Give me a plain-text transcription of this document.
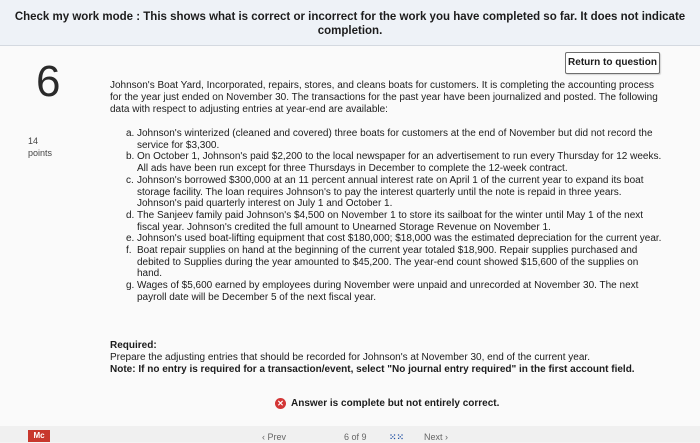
Check my work mode : This shows what is correct or incorrect for the work you have completed so far. It does not indicate
completion.
6
14
points
Return to question
Johnson's Boat Yard, Incorporated, repairs, stores, and cleans boats for customers. It is completing the accounting process for the year just ended on November 30. The transactions for the past year have been journalized and posted. The following data with respect to adjusting entries at year-end are available:
a. Johnson's winterized (cleaned and covered) three boats for customers at the end of November but did not record the service for $3,300.
b. On October 1, Johnson's paid $2,200 to the local newspaper for an advertisement to run every Thursday for 12 weeks. All ads have been run except for three Thursdays in December to complete the 12-week contract.
c. Johnson's borrowed $300,000 at an 11 percent annual interest rate on April 1 of the current year to expand its boat storage facility. The loan requires Johnson's to pay the interest quarterly until the note is repaid in three years. Johnson's paid quarterly interest on July 1 and October 1.
d. The Sanjeev family paid Johnson's $4,500 on November 1 to store its sailboat for the winter until May 1 of the next fiscal year. Johnson's credited the full amount to Unearned Storage Revenue on November 1.
e. Johnson's used boat-lifting equipment that cost $180,000; $18,000 was the estimated depreciation for the current year.
f. Boat repair supplies on hand at the beginning of the current year totaled $18,900. Repair supplies purchased and debited to Supplies during the year amounted to $45,200. The year-end count showed $15,600 of the supplies on hand.
g. Wages of $5,600 earned by employees during November were unpaid and unrecorded at November 30. The next payroll date will be December 5 of the next fiscal year.
Required:
Prepare the adjusting entries that should be recorded for Johnson's at November 30, end of the current year.
Note: If no entry is required for a transaction/event, select "No journal entry required" in the first account field.
✕ Answer is complete but not entirely correct.
Mc	‹ Prev	6 of 9 ⁙⁙ Next ›
